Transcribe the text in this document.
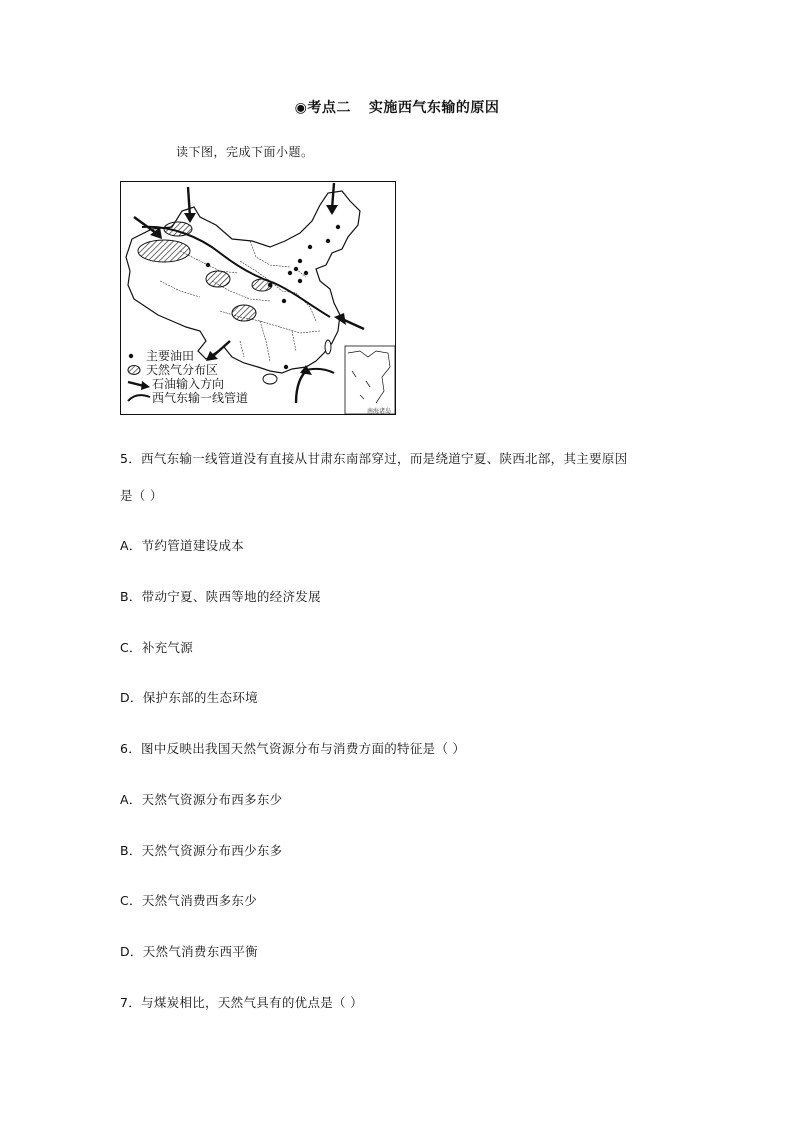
◉考点二 实施西气东输的原因
读下图，完成下面小题。
主要油田
天然气分布区
石油输入方向
西气东输一线管道
南海诸岛
5．西气东输一线管道没有直接从甘肃东南部穿过，而是绕道宁夏、陕西北部，其主要原因
是（ ）
A．节约管道建设成本
B．带动宁夏、陕西等地的经济发展
C．补充气源
D．保护东部的生态环境
6．图中反映出我国天然气资源分布与消费方面的特征是（ ）
A．天然气资源分布西多东少
B．天然气资源分布西少东多
C．天然气消费西多东少
D．天然气消费东西平衡
7．与煤炭相比，天然气具有的优点是（ ）
